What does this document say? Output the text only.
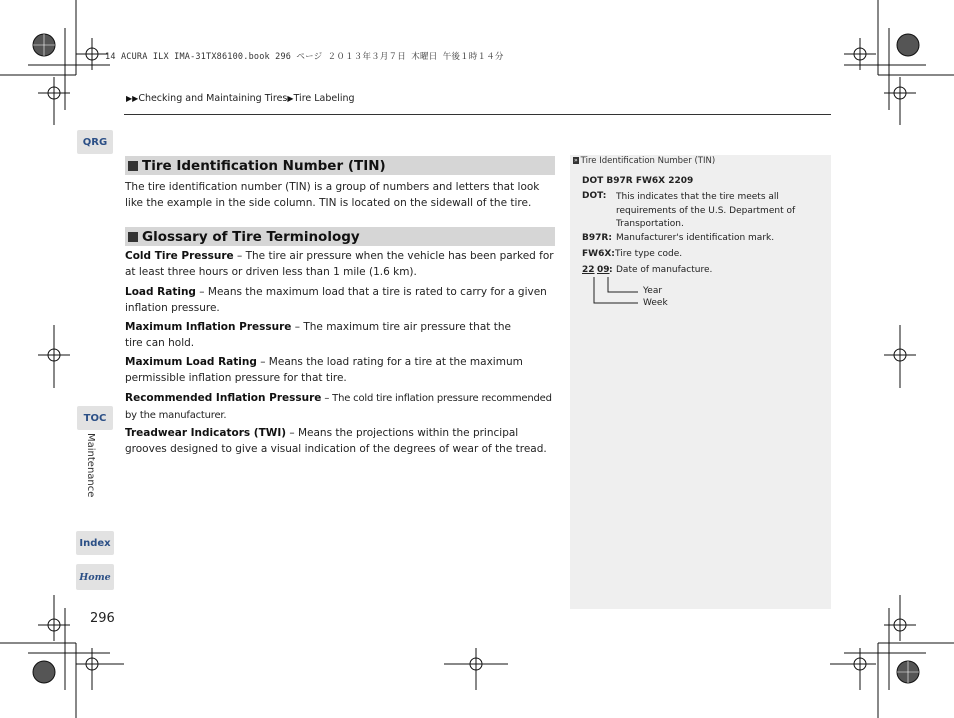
14 ACURA ILX IMA-31TX86100.book 296 ページ ２０１３年３月７日 木曜日 午後１時１４分
▶▶Checking and Maintaining Tires▶Tire Labeling
QRG
TOC
Maintenance
Index
Home
296
Tire Identification Number (TIN)
The tire identification number (TIN) is a group of numbers and letters that look like the example in the side column. TIN is located on the sidewall of the tire.
Glossary of Tire Terminology
Cold Tire Pressure – The tire air pressure when the vehicle has been parked for at least three hours or driven less than 1 mile (1.6 km).
Load Rating – Means the maximum load that a tire is rated to carry for a given inflation pressure.
Maximum Inflation Pressure – The maximum tire air pressure that the tire can hold.
Maximum Load Rating – Means the load rating for a tire at the maximum permissible inflation pressure for that tire.
Recommended Inflation Pressure – The cold tire inflation pressure recommended by the manufacturer.
Treadwear Indicators (TWI) – Means the projections within the principal grooves designed to give a visual indication of the degrees of wear of the tread.
» Tire Identification Number (TIN)
DOT B97R FW6X 2209
DOT: This indicates that the tire meets all requirements of the U.S. Department of Transportation.
B97R: Manufacturer's identification mark.
FW6X: Tire type code.
22 09 : Date of manufacture.
Year
Week
